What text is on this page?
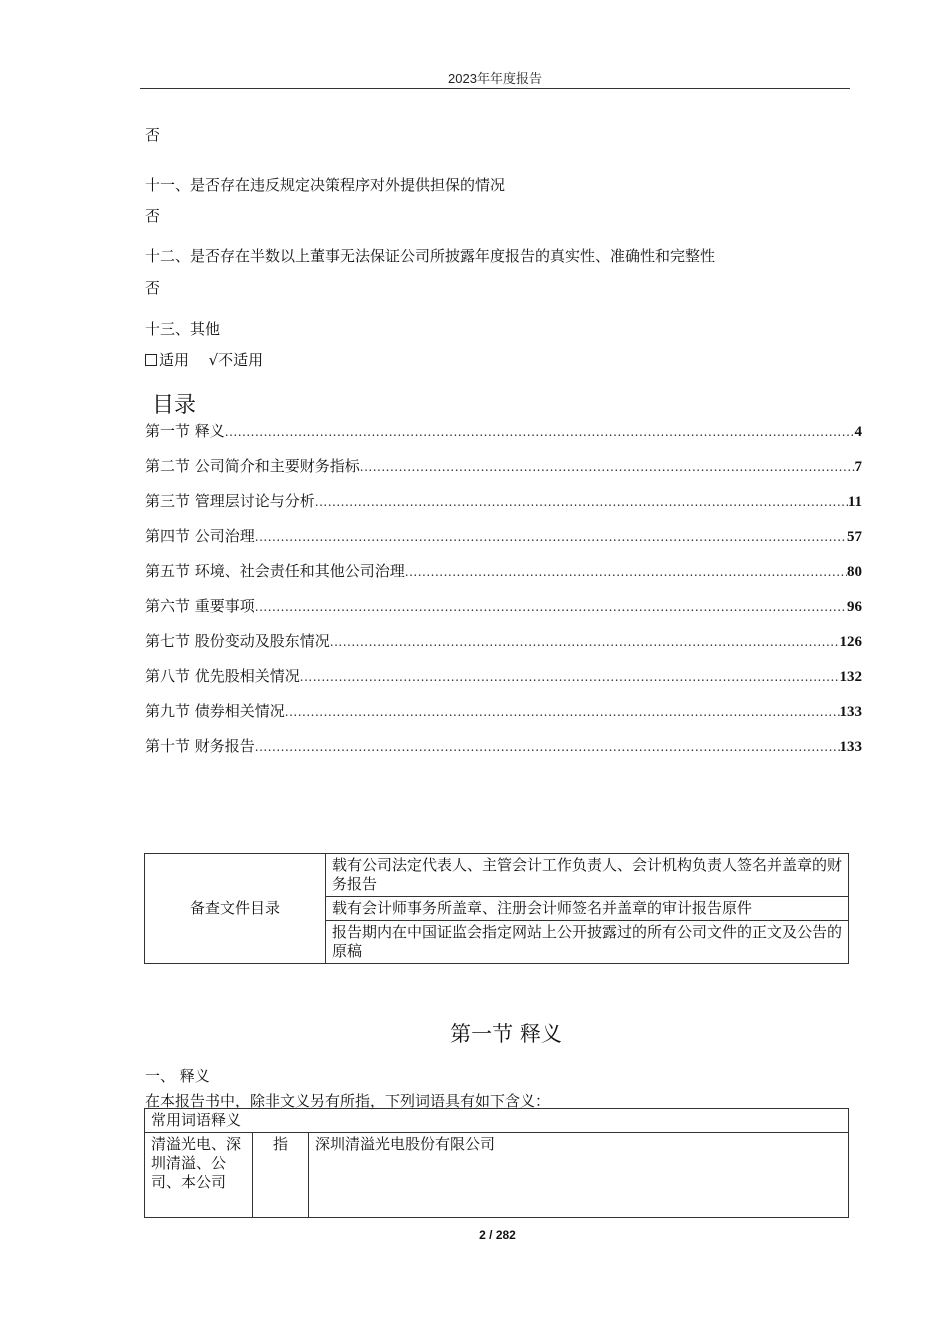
2023年年度报告
否
十一、是否存在违反规定决策程序对外提供担保的情况
否
十二、是否存在半数以上董事无法保证公司所披露年度报告的真实性、准确性和完整性
否
十三、其他
适用 √不适用
目录
第一节 释义 .....	4
第二节 公司简介和主要财务指标 .....	7
第三节 管理层讨论与分析 .....	11
第四节 公司治理 .....	57
第五节 环境、社会责任和其他公司治理 .....	80
第六节 重要事项 .....	96
第七节 股份变动及股东情况 .....	126
第八节 优先股相关情况 .....	132
第九节 债券相关情况 .....	133
第十节 财务报告 .....	133
备查文件目录	载有公司法定代表人、主管会计工作负责人、会计机构负责人签名并盖章的财务报告
载有会计师事务所盖章、注册会计师签名并盖章的审计报告原件
报告期内在中国证监会指定网站上公开披露过的所有公司文件的正文及公告的原稿
第一节 释义
一、 释义
在本报告书中，除非文义另有所指，下列词语具有如下含义：
常用词语释义
清溢光电、深圳清溢、公司、本公司	指	深圳清溢光电股份有限公司
2 / 282
